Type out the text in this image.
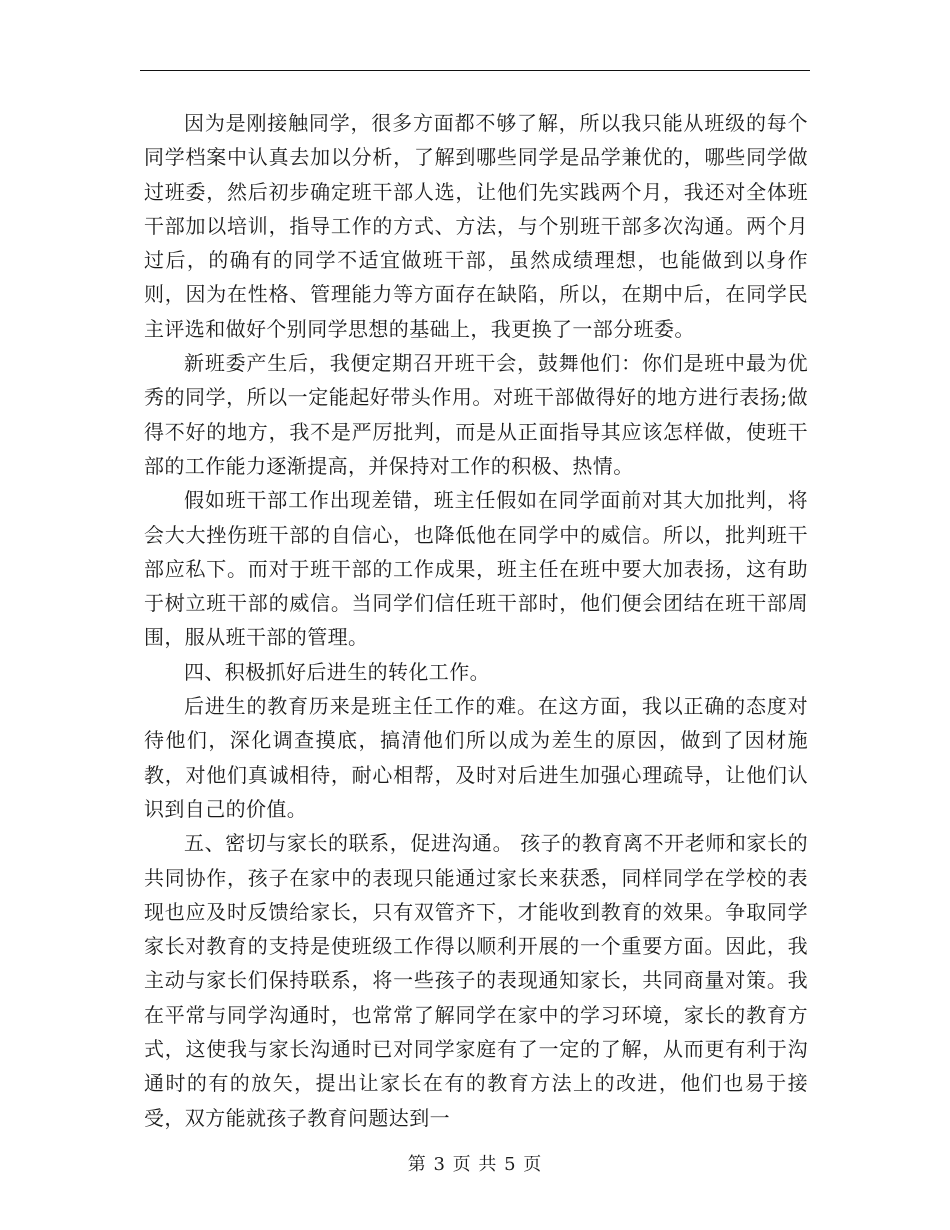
因为是刚接触同学，很多方面都不够了解，所以我只能从班级的每个同学档案中认真去加以分析，了解到哪些同学是品学兼优的，哪些同学做过班委，然后初步确定班干部人选，让他们先实践两个月，我还对全体班干部加以培训，指导工作的方式、方法，与个别班干部多次沟通。两个月过后，的确有的同学不适宜做班干部，虽然成绩理想，也能做到以身作则，因为在性格、管理能力等方面存在缺陷，所以，在期中后，在同学民主评选和做好个别同学思想的基础上，我更换了一部分班委。

新班委产生后，我便定期召开班干会，鼓舞他们：你们是班中最为优秀的同学，所以一定能起好带头作用。对班干部做得好的地方进行表扬;做得不好的地方，我不是严厉批判，而是从正面指导其应该怎样做，使班干部的工作能力逐渐提高，并保持对工作的积极、热情。

假如班干部工作出现差错，班主任假如在同学面前对其大加批判，将会大大挫伤班干部的自信心，也降低他在同学中的威信。所以，批判班干部应私下。而对于班干部的工作成果，班主任在班中要大加表扬，这有助于树立班干部的威信。当同学们信任班干部时，他们便会团结在班干部周围，服从班干部的管理。

四、积极抓好后进生的转化工作。

后进生的教育历来是班主任工作的难。在这方面，我以正确的态度对待他们，深化调查摸底，搞清他们所以成为差生的原因，做到了因材施教，对他们真诚相待，耐心相帮，及时对后进生加强心理疏导，让他们认识到自己的价值。

五、密切与家长的联系，促进沟通。 孩子的教育离不开老师和家长的共同协作，孩子在家中的表现只能通过家长来获悉，同样同学在学校的表现也应及时反馈给家长，只有双管齐下，才能收到教育的效果。争取同学家长对教育的支持是使班级工作得以顺利开展的一个重要方面。因此，我主动与家长们保持联系，将一些孩子的表现通知家长，共同商量对策。我在平常与同学沟通时，也常常了解同学在家中的学习环境，家长的教育方式，这使我与家长沟通时已对同学家庭有了一定的了解，从而更有利于沟通时的有的放矢，提出让家长在有的教育方法上的改进，他们也易于接受，双方能就孩子教育问题达到一

第 3 页 共 5 页
